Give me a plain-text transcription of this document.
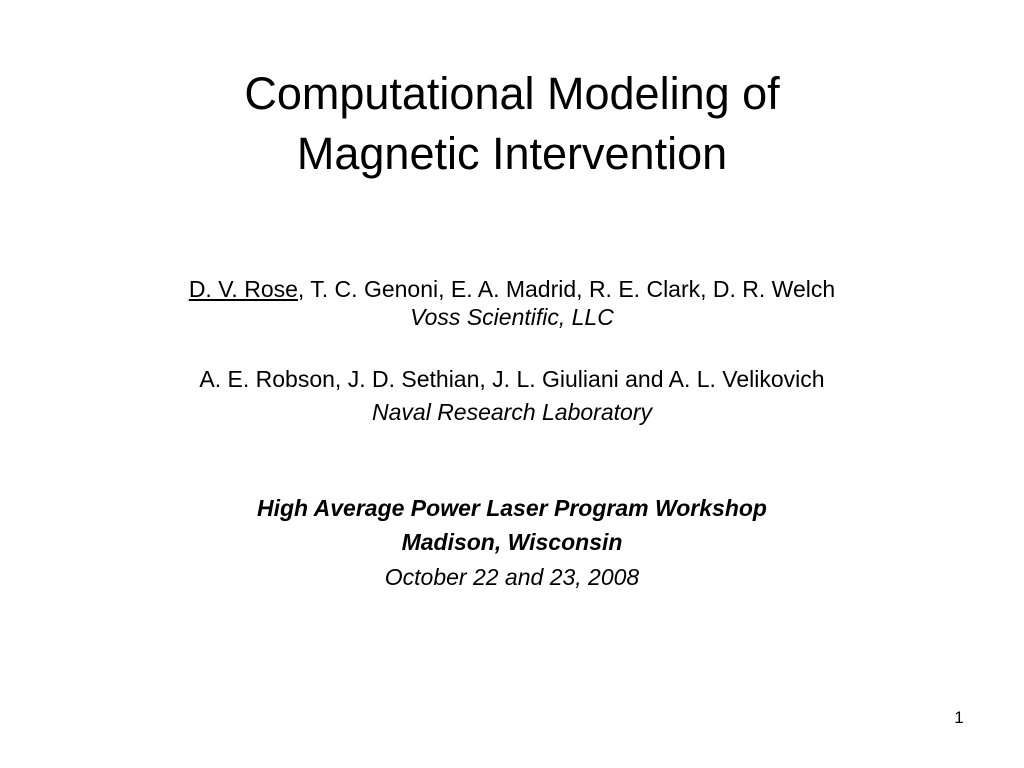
Computational Modeling of
Magnetic Intervention
D. V. Rose, T. C. Genoni, E. A. Madrid, R. E. Clark, D. R. Welch
Voss Scientific, LLC
A. E. Robson, J. D. Sethian, J. L. Giuliani and A. L. Velikovich
Naval Research Laboratory
High Average Power Laser Program Workshop
Madison, Wisconsin
October 22 and 23, 2008
1
